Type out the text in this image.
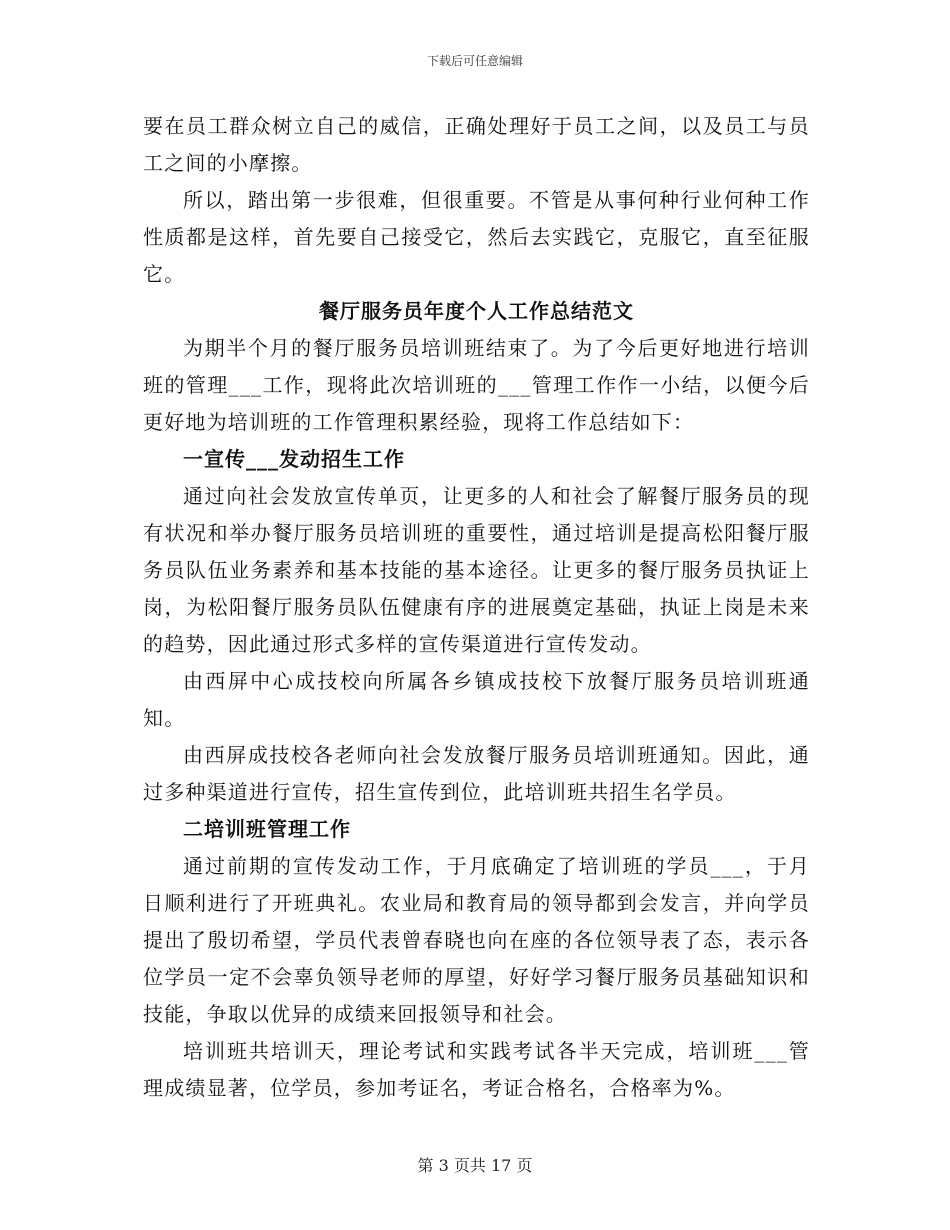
下载后可任意编辑

要在员工群众树立自己的威信，正确处理好于员工之间，以及员工与员工之间的小摩擦。

所以，踏出第一步很难，但很重要。不管是从事何种行业何种工作性质都是这样，首先要自己接受它，然后去实践它，克服它，直至征服它。

餐厅服务员年度个人工作总结范文

为期半个月的餐厅服务员培训班结束了。为了今后更好地进行培训班的管理___工作，现将此次培训班的___管理工作作一小结，以便今后更好地为培训班的工作管理积累经验，现将工作总结如下：

一宣传___发动招生工作

通过向社会发放宣传单页，让更多的人和社会了解餐厅服务员的现有状况和举办餐厅服务员培训班的重要性，通过培训是提高松阳餐厅服务员队伍业务素养和基本技能的基本途径。让更多的餐厅服务员执证上岗，为松阳餐厅服务员队伍健康有序的进展奠定基础，执证上岗是未来的趋势，因此通过形式多样的宣传渠道进行宣传发动。

由西屏中心成技校向所属各乡镇成技校下放餐厅服务员培训班通知。

由西屏成技校各老师向社会发放餐厅服务员培训班通知。因此，通过多种渠道进行宣传，招生宣传到位，此培训班共招生名学员。

二培训班管理工作

通过前期的宣传发动工作，于月底确定了培训班的学员___，于月日顺利进行了开班典礼。农业局和教育局的领导都到会发言，并向学员提出了殷切希望，学员代表曾春晓也向在座的各位领导表了态，表示各位学员一定不会辜负领导老师的厚望，好好学习餐厅服务员基础知识和技能，争取以优异的成绩来回报领导和社会。

培训班共培训天，理论考试和实践考试各半天完成，培训班___管理成绩显著，位学员，参加考证名，考证合格名，合格率为%。

第 3 页共 17 页
